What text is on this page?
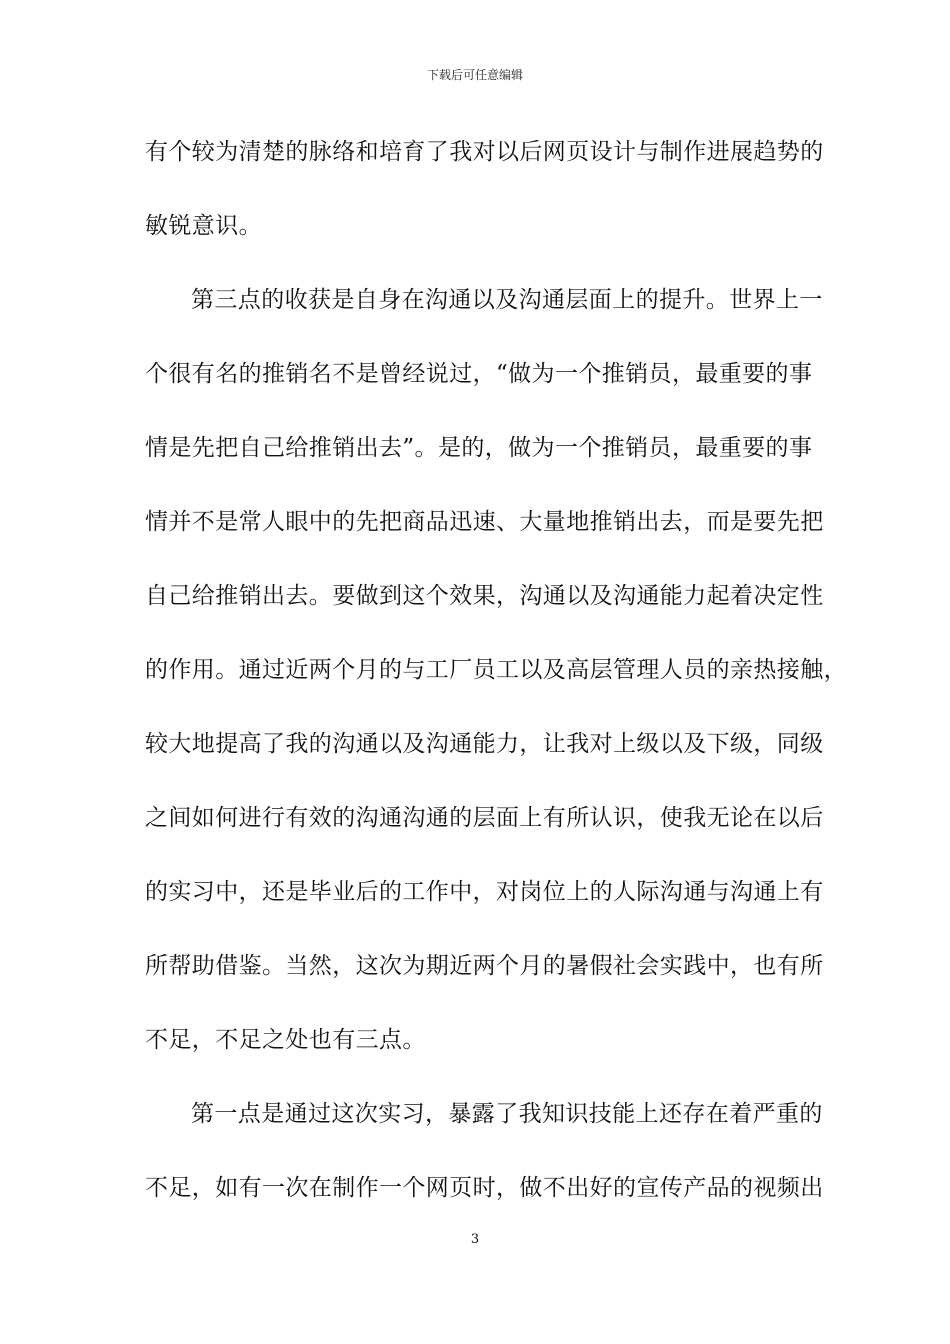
下载后可任意编辑
有个较为清楚的脉络和培育了我对以后网页设计与制作进展趋势的
敏锐意识。
第三点的收获是自身在沟通以及沟通层面上的提升。世界上一
个很有名的推销名不是曾经说过，“做为一个推销员，最重要的事
情是先把自己给推销出去”。是的，做为一个推销员，最重要的事
情并不是常人眼中的先把商品迅速、大量地推销出去，而是要先把
自己给推销出去。要做到这个效果，沟通以及沟通能力起着决定性
的作用。通过近两个月的与工厂员工以及高层管理人员的亲热接触，
较大地提高了我的沟通以及沟通能力，让我对上级以及下级，同级
之间如何进行有效的沟通沟通的层面上有所认识，使我无论在以后
的实习中，还是毕业后的工作中，对岗位上的人际沟通与沟通上有
所帮助借鉴。当然，这次为期近两个月的暑假社会实践中，也有所
不足，不足之处也有三点。
第一点是通过这次实习，暴露了我知识技能上还存在着严重的
不足，如有一次在制作一个网页时，做不出好的宣传产品的视频出
3
